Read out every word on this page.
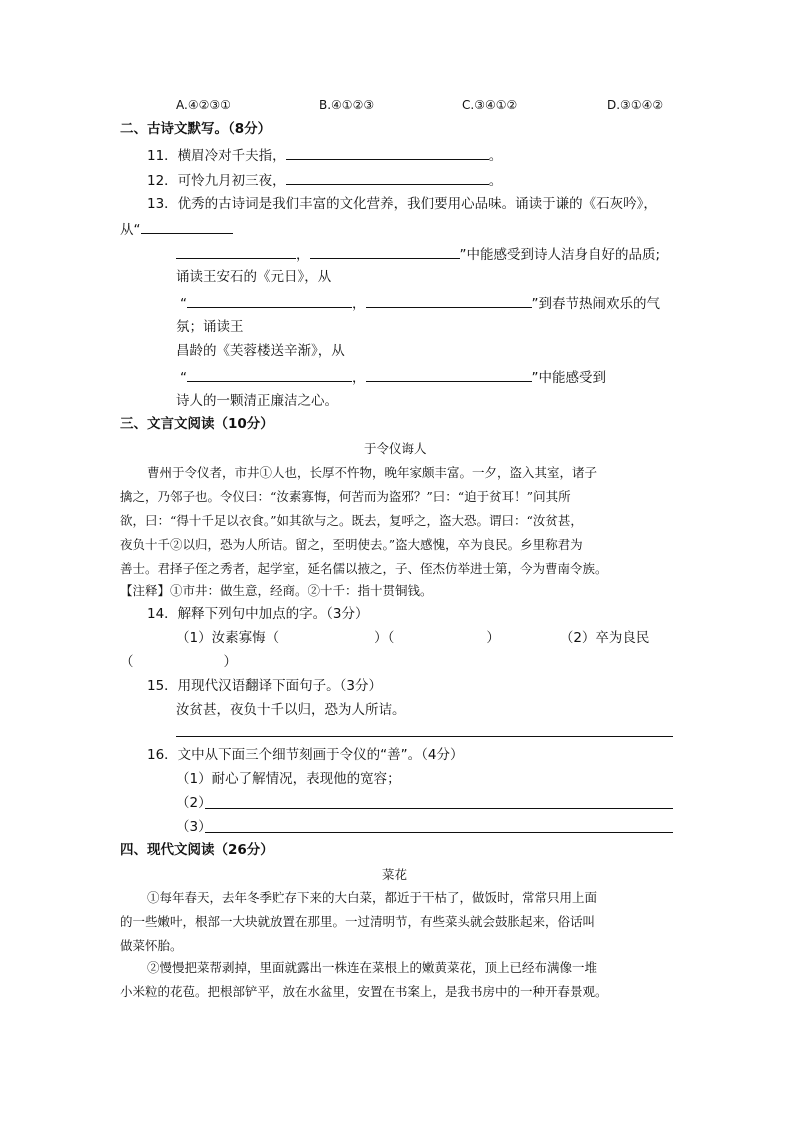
A.④②③①	B.④①②③	C.③④①②	D.③①④②
二、古诗文默写。（8分）
11．横眉冷对千夫指，	。
12．可怜九月初三夜，	。
13．优秀的古诗词是我们丰富的文化营养，我们要用心品味。诵读于谦的《石灰吟》，
从“
，	”中能感受到诗人洁身自好的品质;
诵读王安石的《元日》，从
“	，	”到春节热闹欢乐的气
氛；诵读王
昌龄的《芙蓉楼送辛渐》，从
“	，	”中能感受到
诗人的一颗清正廉洁之心。
三、文言文阅读（10分）
于令仪诲人
曹州于令仪者，市井①人也，长厚不忤物，晚年家颇丰富。一夕，盗入其室，诸子
擒之，乃邻子也。令仪曰：“汝素寡悔，何苦而为盗邪？”曰：“迫于贫耳！”问其所
欲，曰：“得十千足以衣食。”如其欲与之。既去，复呼之，盗大恐。谓曰：“汝贫甚，
夜负十千②以归，恐为人所诘。留之，至明使去。”盗大感愧，卒为良民。乡里称君为
善士。君择子侄之秀者，起学室，延名儒以掖之，子、侄杰仿举进士第，今为曹南令族。
【注释】①市井：做生意，经商。②十千：指十贯铜钱。
14．解释下列句中加点的字。（3分）
（1）汝素寡悔（	）（	）	（2）卒为良民
（	）
15．用现代汉语翻译下面句子。（3分）
汝贫甚，夜负十千以归，恐为人所诘。
16．文中从下面三个细节刻画于令仪的“善”。（4分）
（1）耐心了解情况，表现他的宽容；
（2）
（3）
四、现代文阅读（26分）
菜花
①每年春天，去年冬季贮存下来的大白菜，都近于干枯了，做饭时，常常只用上面
的一些嫩叶，根部一大块就放置在那里。一过清明节，有些菜头就会鼓胀起来，俗话叫
做菜怀胎。
②慢慢把菜帮剥掉，里面就露出一株连在菜根上的嫩黄菜花，顶上已经布满像一堆
小米粒的花苞。把根部铲平，放在水盆里，安置在书案上，是我书房中的一种开春景观。
